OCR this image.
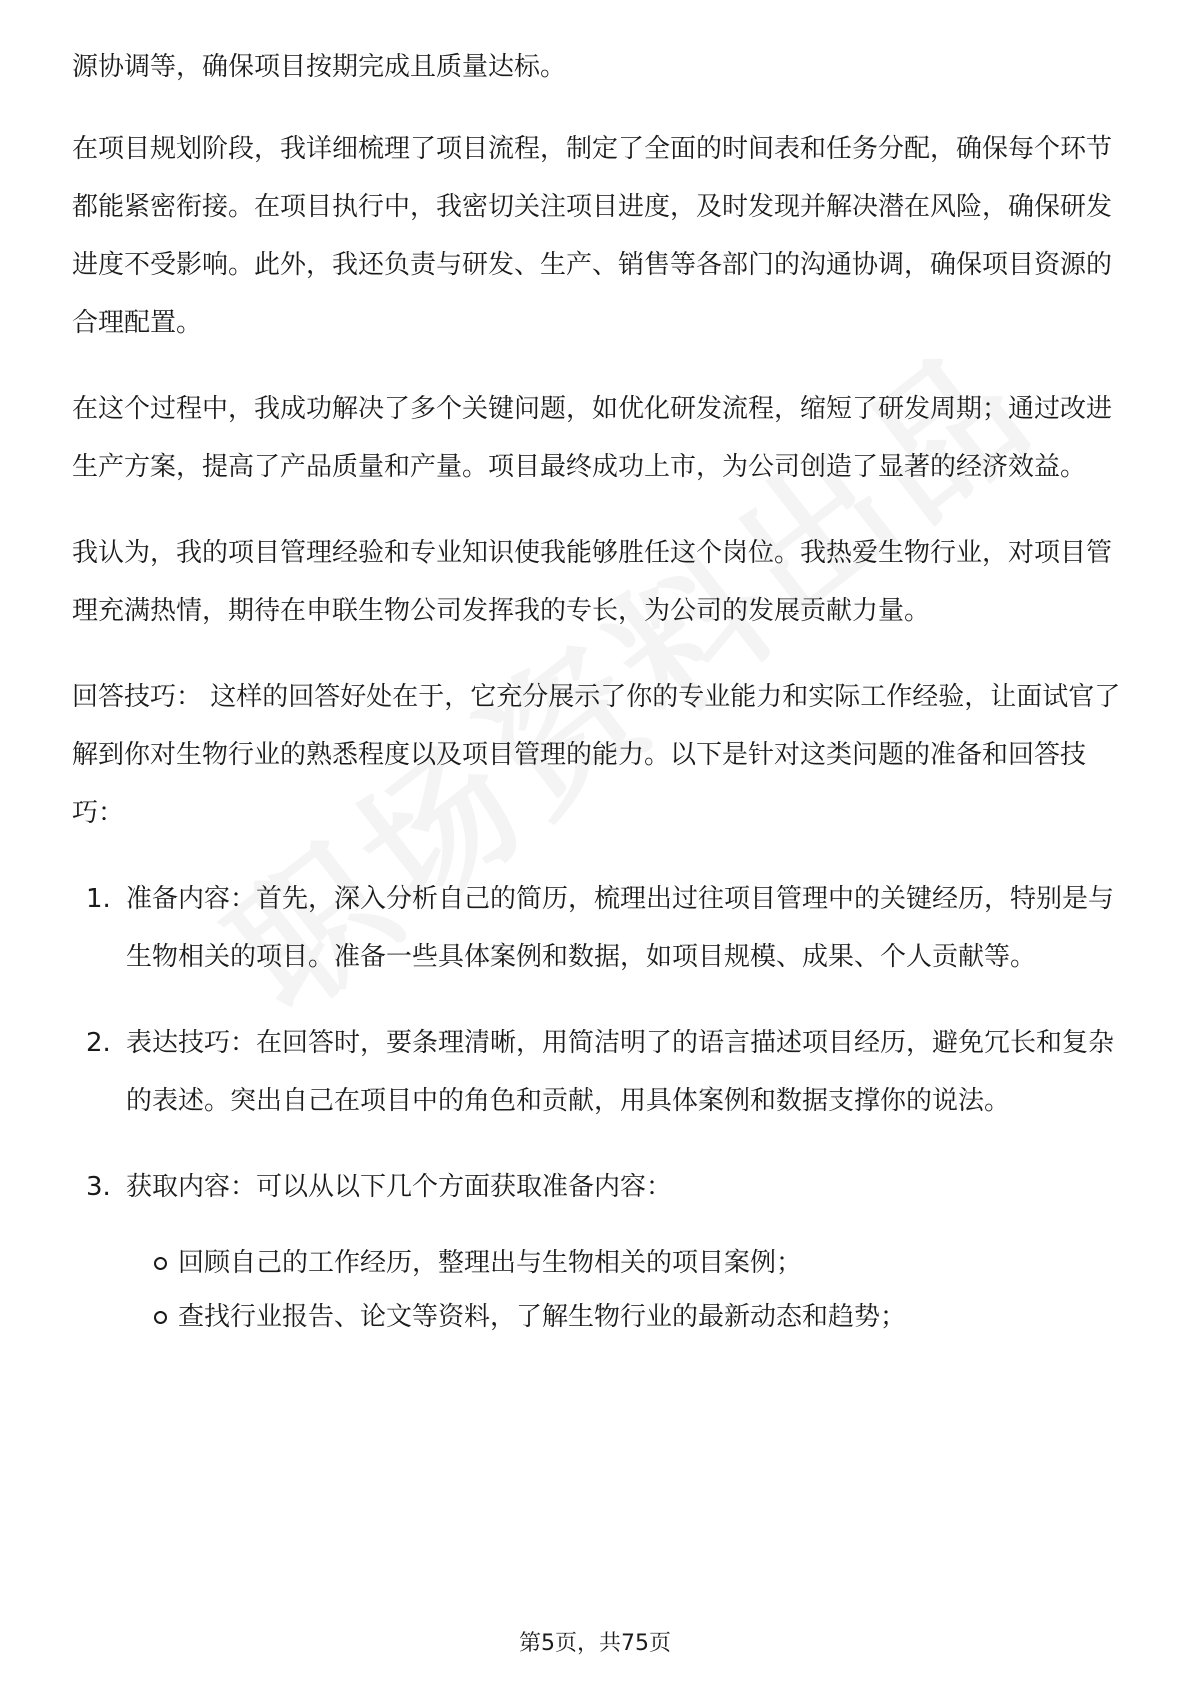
源协调等，确保项目按期完成且质量达标。

在项目规划阶段，我详细梳理了项目流程，制定了全面的时间表和任务分配，确保每个环节都能紧密衔接。在项目执行中，我密切关注项目进度，及时发现并解决潜在风险，确保研发进度不受影响。此外，我还负责与研发、生产、销售等各部门的沟通协调，确保项目资源的合理配置。

在这个过程中，我成功解决了多个关键问题，如优化研发流程，缩短了研发周期；通过改进生产方案，提高了产品质量和产量。项目最终成功上市，为公司创造了显著的经济效益。

我认为，我的项目管理经验和专业知识使我能够胜任这个岗位。我热爱生物行业，对项目管理充满热情，期待在申联生物公司发挥我的专长，为公司的发展贡献力量。

回答技巧： 这样的回答好处在于，它充分展示了你的专业能力和实际工作经验，让面试官了解到你对生物行业的熟悉程度以及项目管理的能力。以下是针对这类问题的准备和回答技巧：

1. 准备内容：首先，深入分析自己的简历，梳理出过往项目管理中的关键经历，特别是与生物相关的项目。准备一些具体案例和数据，如项目规模、成果、个人贡献等。
2. 表达技巧：在回答时，要条理清晰，用简洁明了的语言描述项目经历，避免冗长和复杂的表述。突出自己在项目中的角色和贡献，用具体案例和数据支撑你的说法。
3. 获取内容：可以从以下几个方面获取准备内容：
回顾自己的工作经历，整理出与生物相关的项目案例；
查找行业报告、论文等资料，了解生物行业的最新动态和趋势；
第5页，共75页
